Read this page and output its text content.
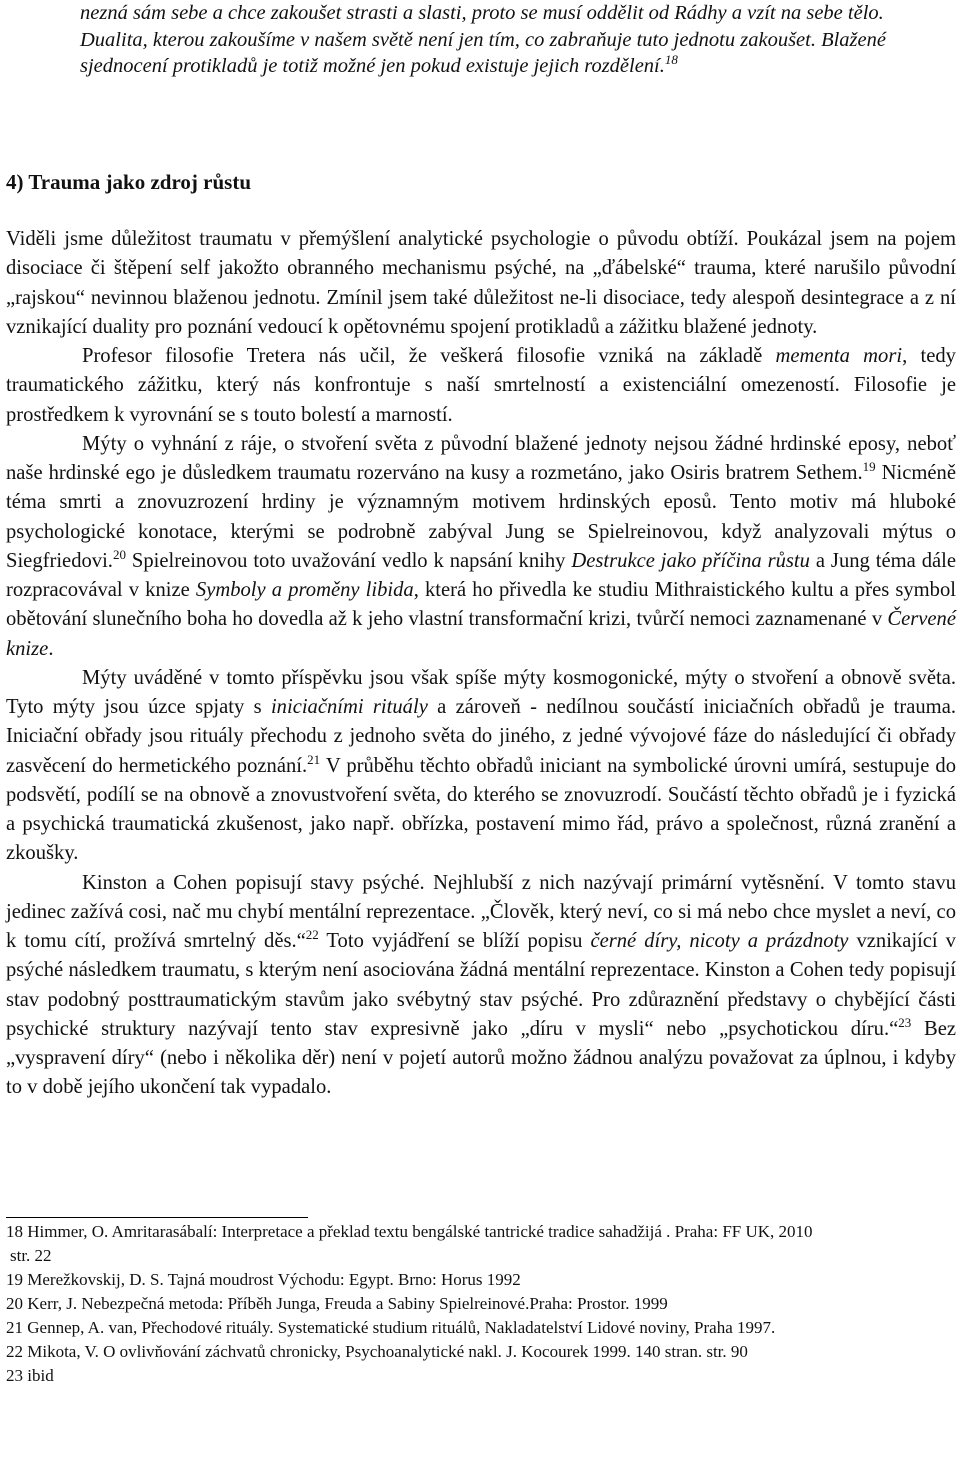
nezná sám sebe a chce zakoušet strasti a slasti, proto se musí oddělit od Rádhy a vzít na sebe tělo. Dualita, kterou zakoušíme v našem světě není jen tím, co zabraňuje tuto jednotu zakoušet. Blažené sjednocení protikladů je totiž možné jen pokud existuje jejich rozdělení.$^{18}$
4) Trauma jako zdroj růstu

Viděli jsme důležitost traumatu v přemýšlení analytické psychologie o původu obtíží. Poukázal jsem na pojem disociace či štěpení self jakožto obranného mechanismu psýché, na „ďábelské“ trauma, které narušilo původní „rajskou“ nevinnou blaženou jednotu. Zmínil jsem také důležitost ne-li disociace, tedy alespoň desintegrace a z ní vznikající duality pro poznání vedoucí k opětovnému spojení protikladů a zážitku blažené jednoty.

Profesor filosofie Tretera nás učil, že veškerá filosofie vzniká na základě mementa mori, tedy traumatického zážitku, který nás konfrontuje s naší smrtelností a existenciální omezeností. Filosofie je prostředkem k vyrovnání se s touto bolestí a marností.

Mýty o vyhnání z ráje, o stvoření světa z původní blažené jednoty nejsou žádné hrdinské eposy, neboť naše hrdinské ego je důsledkem traumatu rozerváno na kusy a rozmetáno, jako Osiris bratrem Sethem.$^{19}$ Nicméně téma smrti a znovuzrození hrdiny je významným motivem hrdinských eposů. Tento motiv má hluboké psychologické konotace, kterými se podrobně zabýval Jung se Spielreinovou, když analyzovali mýtus o Siegfriedovi.$^{20}$ Spielreinovou toto uvažování vedlo k napsání knihy Destrukce jako příčina růstu a Jung téma dále rozpracovával v knize Symboly a proměny libida, která ho přivedla ke studiu Mithraistického kultu a přes symbol obětování slunečního boha ho dovedla až k jeho vlastní transformační krizi, tvůrčí nemoci zaznamenané v Červené knize.

Mýty uváděné v tomto příspěvku jsou však spíše mýty kosmogonické, mýty o stvoření a obnově světa. Tyto mýty jsou úzce spjaty s iniciačními rituály a zároveň - nedílnou součástí iniciačních obřadů je trauma. Iniciační obřady jsou rituály přechodu z jednoho světa do jiného, z jedné vývojové fáze do následující či obřady zasvěcení do hermetického poznání.$^{21}$ V průběhu těchto obřadů iniciant na symbolické úrovni umírá, sestupuje do podsvětí, podílí se na obnově a znovustvoření světa, do kterého se znovuzrodí. Součástí těchto obřadů je i fyzická a psychická traumatická zkušenost, jako např. obřízka, postavení mimo řád, právo a společnost, různá zranění a zkoušky.

Kinston a Cohen popisují stavy psýché. Nejhlubší z nich nazývají primární vytěsnění. V tomto stavu jedinec zažívá cosi, nač mu chybí mentální reprezentace. „Člověk, který neví, co si má nebo chce myslet a neví, co k tomu cítí, prožívá smrtelný děs.“$^{22}$ Toto vyjádření se blíží popisu černé díry, nicoty a prázdnoty vznikající v psýché následkem traumatu, s kterým není asociována žádná mentální reprezentace. Kinston a Cohen tedy popisují stav podobný posttraumatickým stavům jako svébytný stav psýché. Pro zdůraznění představy o chybějící části psychické struktury nazývají tento stav expresivně jako „díru v mysli“ nebo „psychotickou díru.“$^{23}$ Bez „vyspravení díry“ (nebo i několika děr) není v pojetí autorů možno žádnou analýzu považovat za úplnou, i kdyby to v době jejího ukončení tak vypadalo.

18 Himmer, O. Amritarasábalí: Interpretace a překlad textu bengálské tantrické tradice sahadžijá . Praha: FF UK, 2010
str. 22
19 Merežkovskij, D. S. Tajná moudrost Východu: Egypt. Brno: Horus 1992
20 Kerr, J. Nebezpečná metoda: Příběh Junga, Freuda a Sabiny Spielreinové.Praha: Prostor. 1999
21 Gennep, A. van, Přechodové rituály. Systematické studium rituálů, Nakladatelství Lidové noviny, Praha 1997.
22 Mikota, V. O ovlivňování záchvatů chronicky, Psychoanalytické nakl. J. Kocourek 1999. 140 stran. str. 90
23 ibid
